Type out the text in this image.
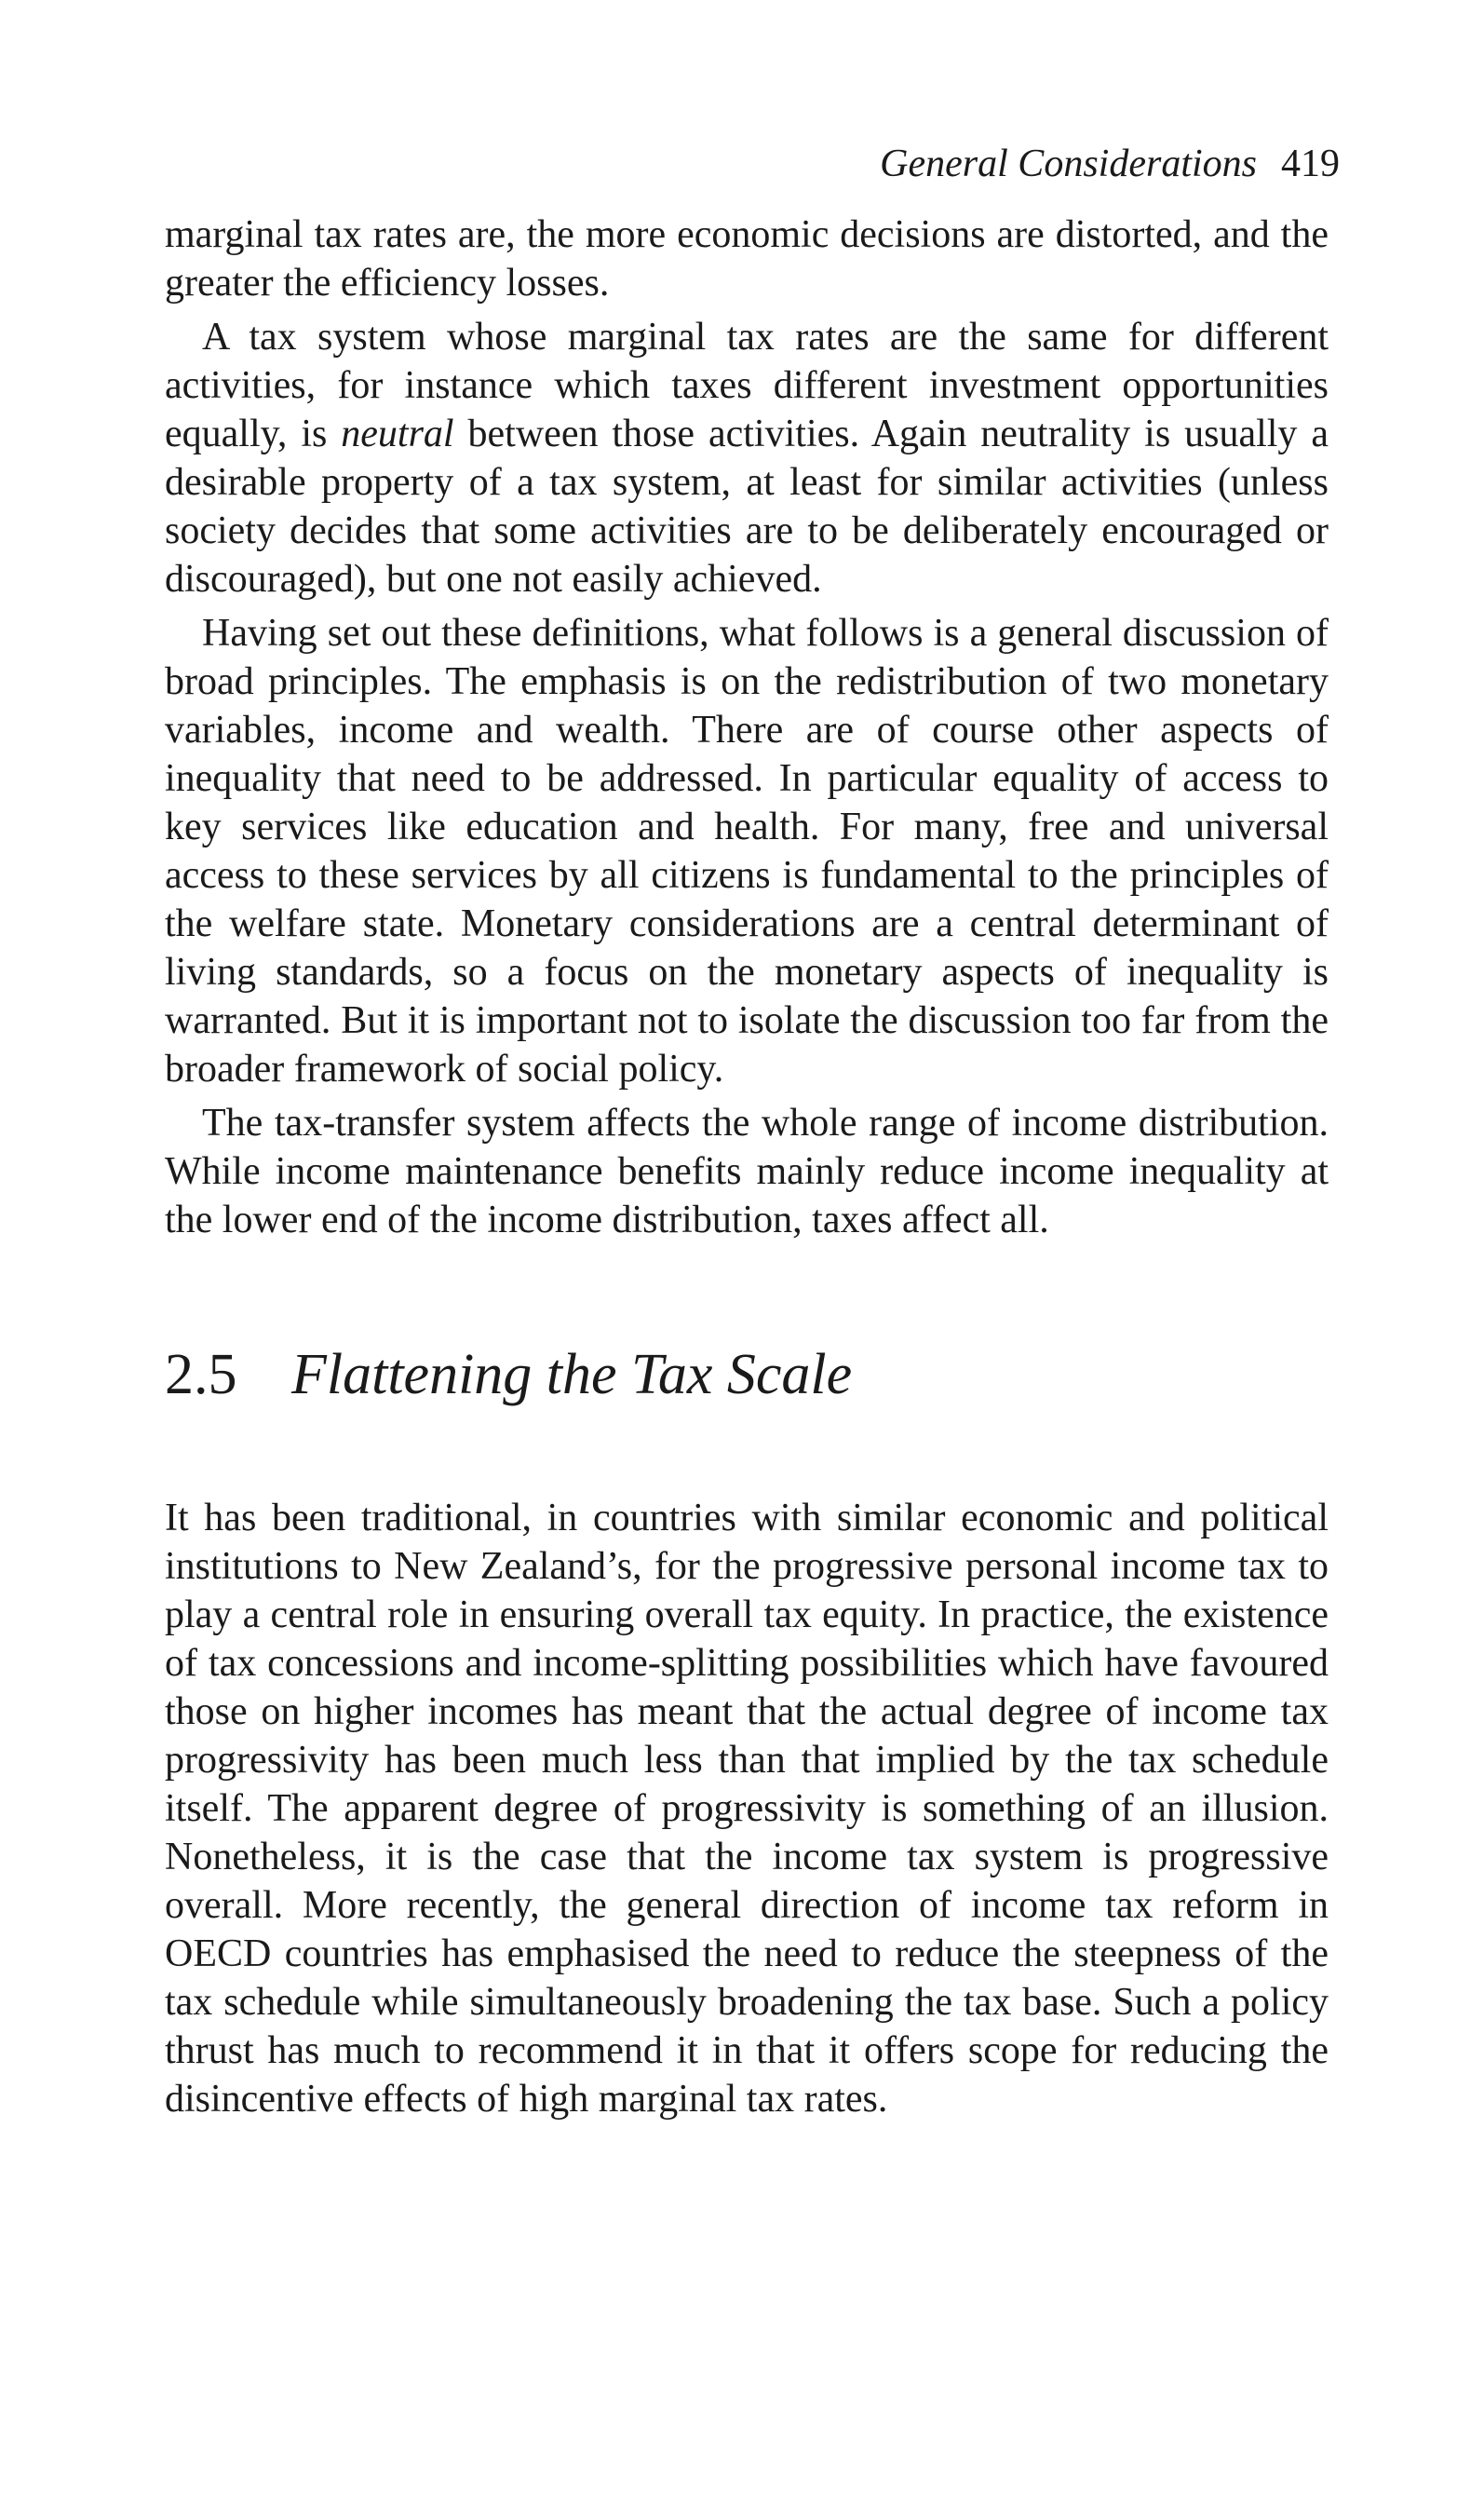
General Considerations 419

marginal tax rates are, the more economic decisions are distorted, and the greater the efficiency losses.

A tax system whose marginal tax rates are the same for different activities, for instance which taxes different investment opportunities equally, is neutral between those activities. Again neutrality is usually a desirable property of a tax system, at least for similar activities (unless society decides that some activities are to be deliberately encouraged or discouraged), but one not easily achieved.

Having set out these definitions, what follows is a general discussion of broad principles. The emphasis is on the redistribution of two monetary variables, income and wealth. There are of course other aspects of inequality that need to be addressed. In particular equality of access to key services like education and health. For many, free and universal access to these services by all citizens is fundamental to the principles of the welfare state. Monetary considerations are a central determinant of living standards, so a focus on the monetary aspects of inequality is warranted. But it is important not to isolate the discussion too far from the broader framework of social policy.

The tax-transfer system affects the whole range of income distribution. While income maintenance benefits mainly reduce income inequality at the lower end of the income distribution, taxes affect all.

2.5 Flattening the Tax Scale

It has been traditional, in countries with similar economic and political institutions to New Zealand’s, for the progressive personal income tax to play a central role in ensuring overall tax equity. In practice, the existence of tax concessions and income-splitting possibilities which have favoured those on higher incomes has meant that the actual degree of income tax progressivity has been much less than that implied by the tax schedule itself. The apparent degree of progressivity is something of an illusion. Nonetheless, it is the case that the income tax system is progressive overall. More recently, the general direction of income tax reform in OECD countries has emphasised the need to reduce the steepness of the tax schedule while simultaneously broadening the tax base. Such a policy thrust has much to recommend it in that it offers scope for reducing the disincentive effects of high marginal tax rates.
